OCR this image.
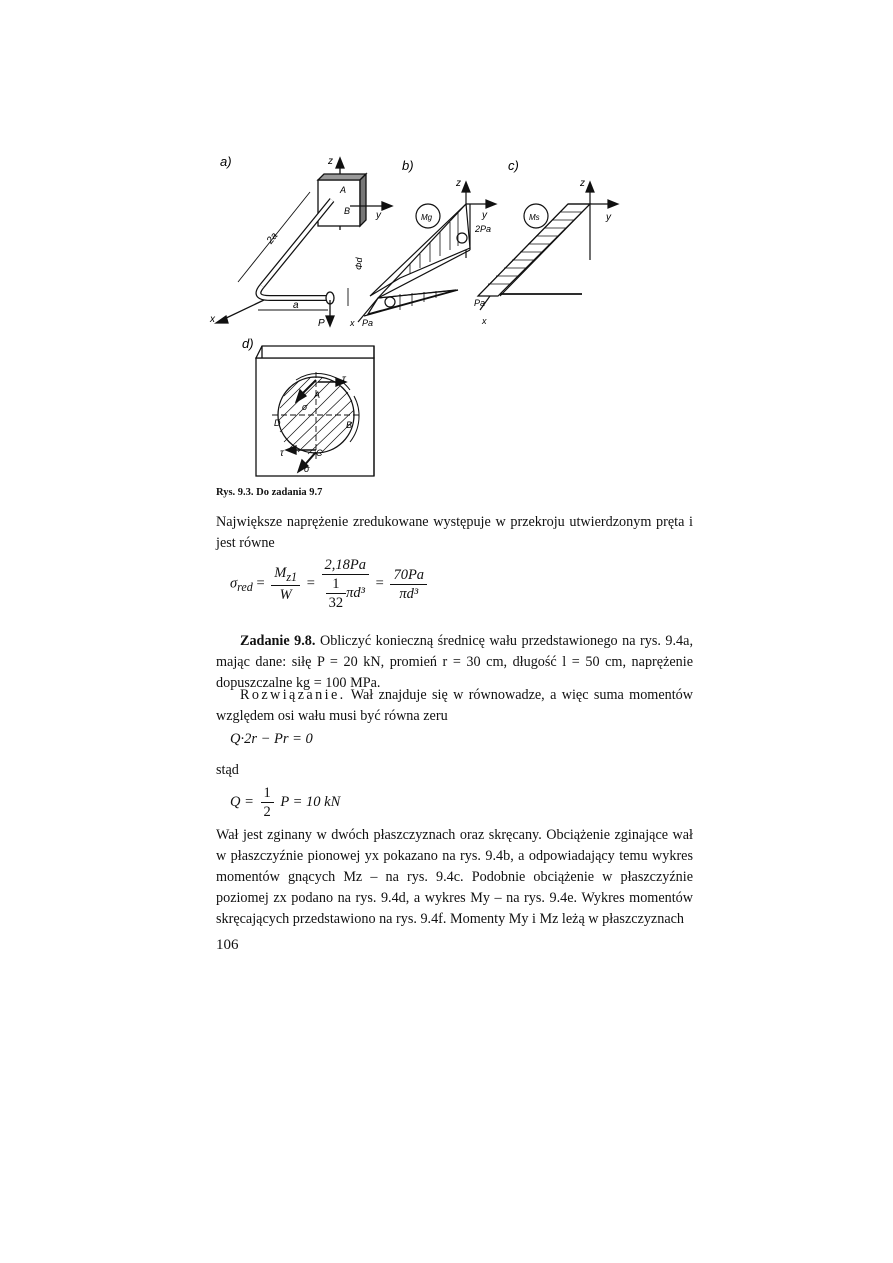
a)	b)	c)
z
y
A
B
2a
a
Φd
P
x
Mg
z
y
2Pa
x Pa
Ms
z
y
Pa
x
d)
τ
A
σ
D	B
τ	C
σ
Rys. 9.3. Do zadania 9.7
Największe naprężenie zredukowane występuje w przekroju utwierdzonym pręta i jest równe
$\sigma_{red} = \frac{M_{z1}}{W} = \frac{2,18Pa}{\frac{1}{32} \pi d^3} = \frac{70Pa}{\text{πd³}}$
Zadanie 9.8. Obliczyć konieczną średnicę wału przedstawionego na rys. 9.4a, mając dane: siłę P = 20 kN, promień r = 30 cm, długość l = 50 cm, naprężenie dopuszczalne kg = 100 MPa.
Rozwiązanie. Wał znajduje się w równowadze, a więc suma momentów względem osi wału musi być równa zeru
Q·2r − Pr = 0
stąd
$Q = \frac{1}{2}$ P = 10 kN
Wał jest zginany w dwóch płaszczyznach oraz skręcany. Obciążenie zginające wał w płaszczyźnie pionowej yx pokazano na rys. 9.4b, a odpowiadający temu wykres momentów gnących Mz – na rys. 9.4c. Podobnie obciążenie w płaszczyźnie poziomej zx podano na rys. 9.4d, a wykres My – na rys. 9.4e. Wykres momentów skręcających przedstawiono na rys. 9.4f. Momenty My i Mz leżą w płaszczyznach
106
